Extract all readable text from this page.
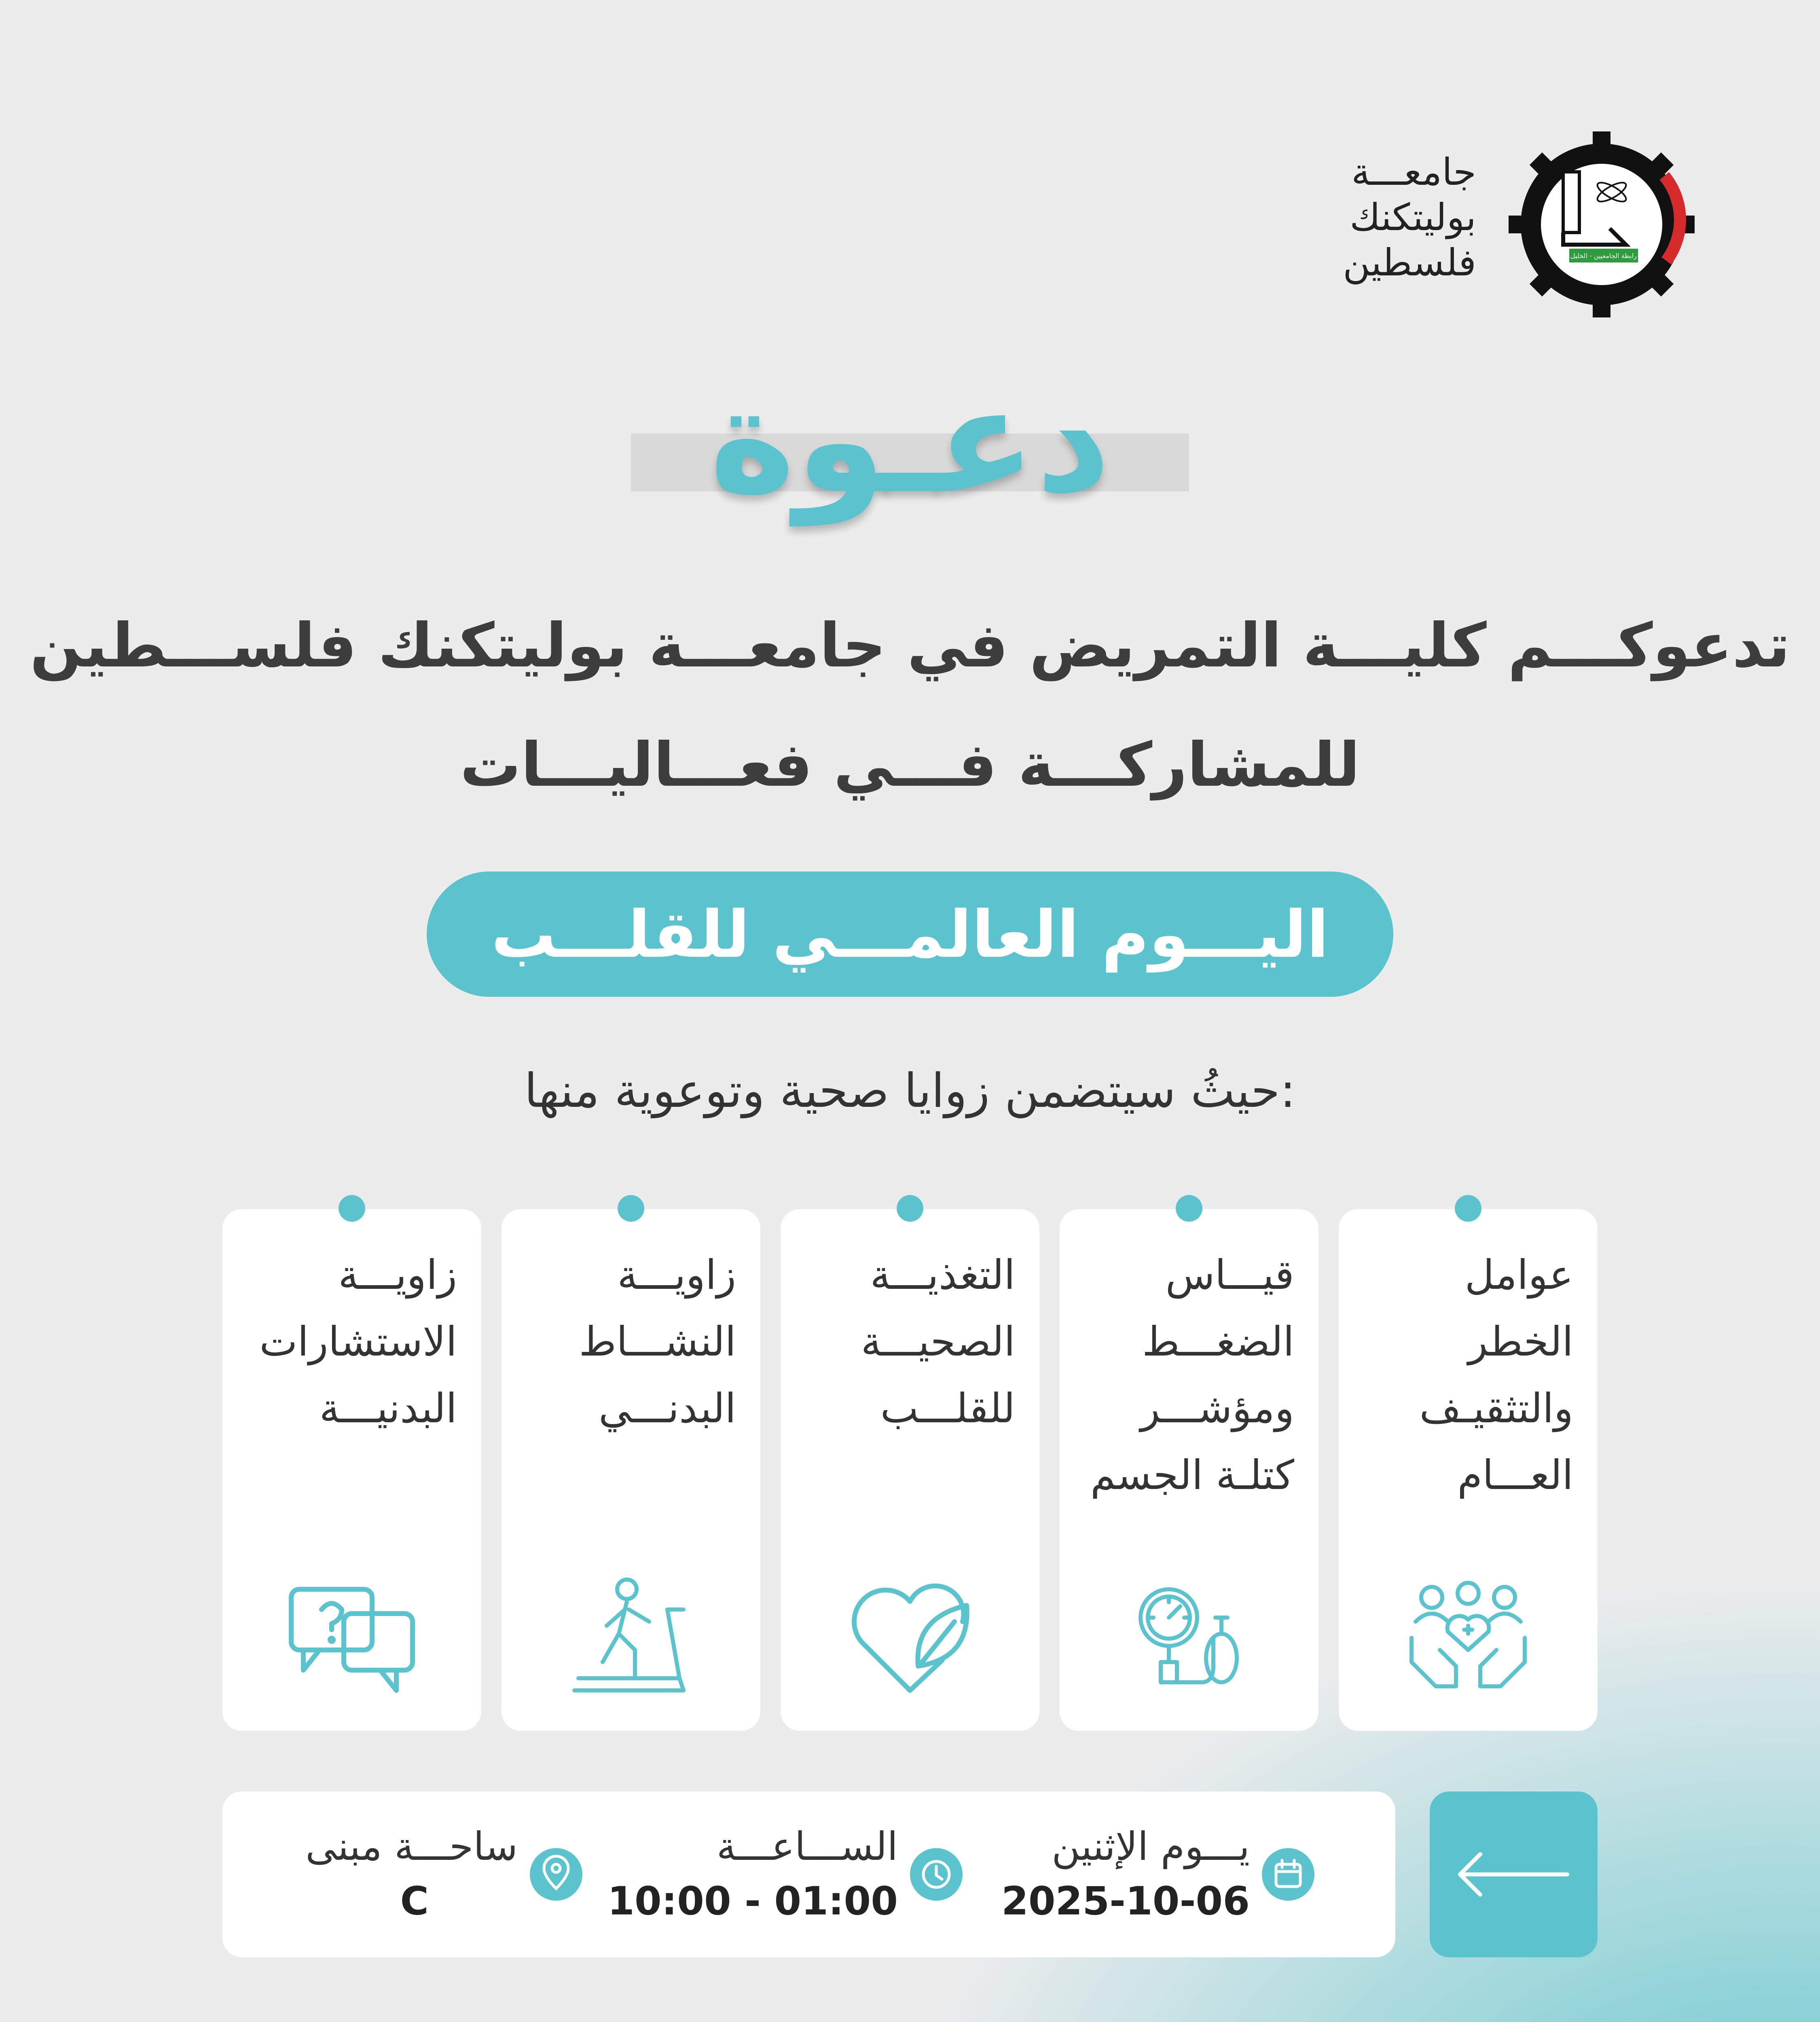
رابطة الجامعيين - الخليل
جامعـــة
بوليتكنك
فلسطين
دعـوة
تدعوكـــم كليـــة التمريض في جامعـــة بوليتكنك فلســـطين
للمشاركـــة فـــي فعـــاليـــات
اليـــوم العالمـــي للقلـــب
حيثُ سيتضمن زوايا صحية وتوعوية منها:
عوامل الخطر والتثقيـف العـــام
قيـــاس الضغـــط ومؤشـــر كتلـة الجسم
التغذيـــة الصحيـــة للقلـــب
زاويـــة النشـــاط البدنـــي
زاويـــة الاستشارات البدنيـــة
يـــوم الإثنين
2025-10-06
الســـاعـــة
10:00 - 01:00
ساحـــة مبنى
C
